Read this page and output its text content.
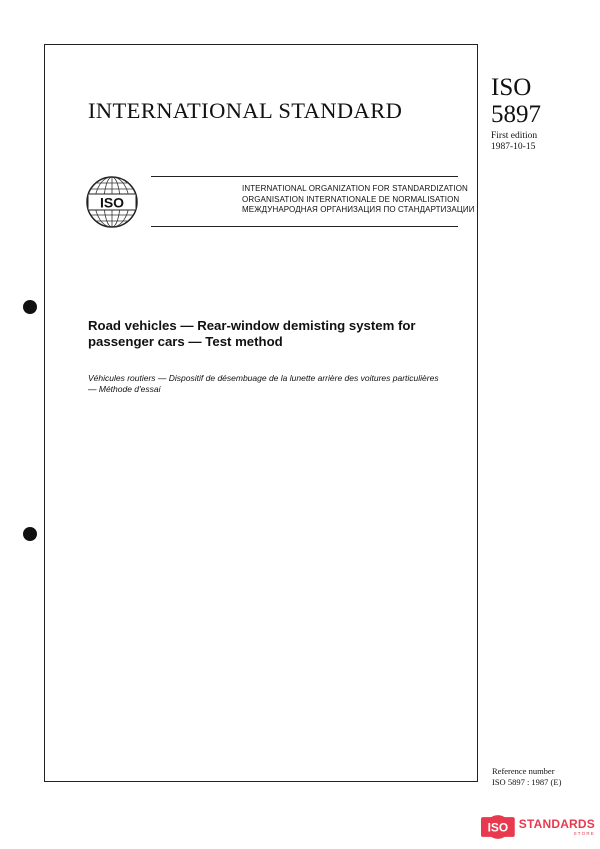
INTERNATIONAL STANDARD
ISO
5897
First edition
1987-10-15
ISO
INTERNATIONAL ORGANIZATION FOR STANDARDIZATION
ORGANISATION INTERNATIONALE DE NORMALISATION
МЕЖДУНАРОДНАЯ ОРГАНИЗАЦИЯ ПО СТАНДАРТИЗАЦИИ
Road vehicles — Rear-window demisting system for
passenger cars — Test method

Véhicules routiers — Dispositif de désembuage de la lunette arrière des voitures particulières
— Méthode d'essai

Reference number
ISO 5897 : 1987 (E)
ISO STANDARDS
STORE
